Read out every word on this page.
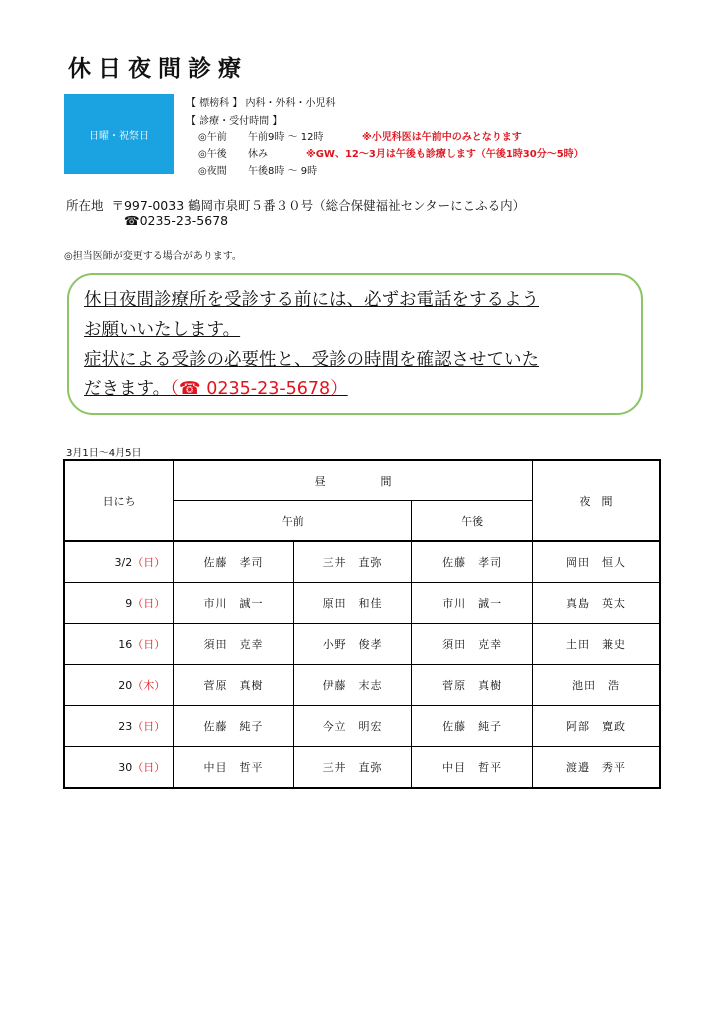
休日夜間診療
日曜・祝祭日
【 標榜科 】 内科・外科・小児科
【 診療・受付時間 】
◎午前 午前9時 ～ 12時	※小児科医は午前中のみとなります
◎午後 休み	※GW、12～3月は午後も診療します（午後1時30分～5時）
◎夜間 午後8時 ～ 9時
所在地 〒997-0033 鶴岡市泉町５番３０号（総合保健福祉センターにこふる内）
☎0235-23-5678
◎担当医師が変更する場合があります。
休日夜間診療所を受診する前には、必ずお電話をするよう
お願いいたします。
症状による受診の必要性と、受診の時間を確認させていた
だきます。（☎ 0235-23-5678）
3月1日～4月5日
日にち	昼　　　　　間			夜　間
	午前		午後	
3/2（日）	佐藤　孝司	三井　直弥	佐藤　孝司	岡田　恒人
9（日）	市川　誠一	原田　和佳	市川　誠一	真島　英太
16（日）	須田　克幸	小野　俊孝	須田　克幸	土田　兼史
20（木）	菅原　真樹	伊藤　末志	菅原　真樹	池田　浩
23（日）	佐藤　純子	今立　明宏	佐藤　純子	阿部　寛政
30（日）	中目　哲平	三井　直弥	中目　哲平	渡邉　秀平
